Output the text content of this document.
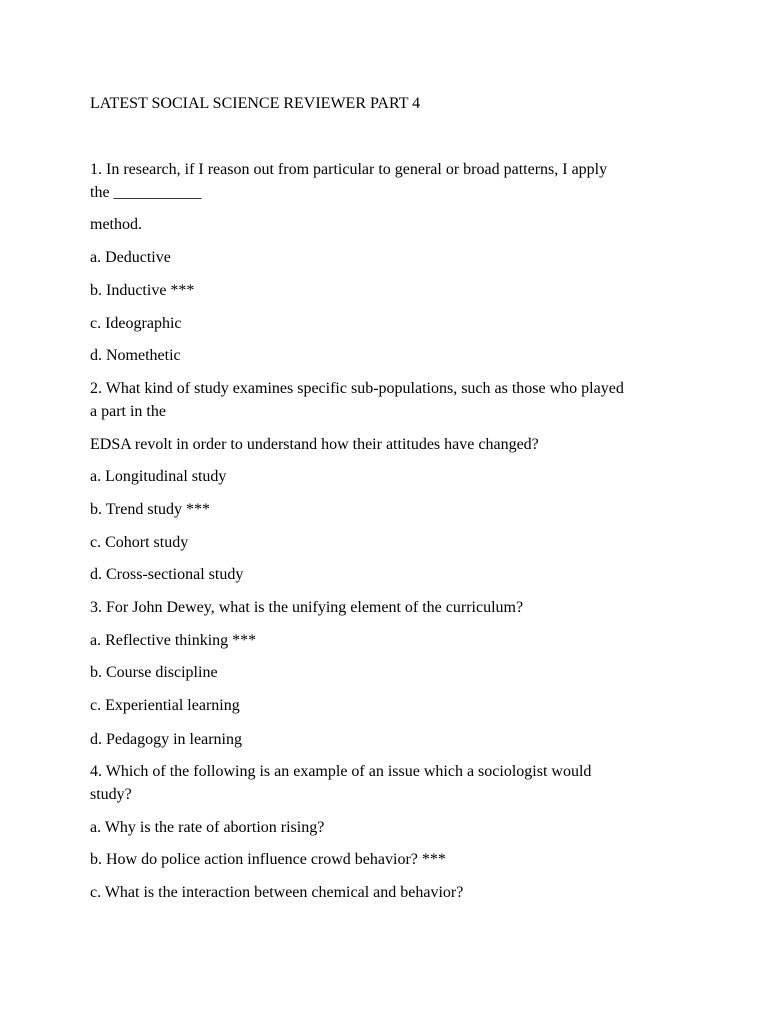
LATEST SOCIAL SCIENCE REVIEWER PART 4
1. In research, if I reason out from particular to general or broad patterns, I apply
the ___________
method.
a. Deductive
b. Inductive ***
c. Ideographic
d. Nomethetic
2. What kind of study examines specific sub-populations, such as those who played
a part in the
EDSA revolt in order to understand how their attitudes have changed?
a. Longitudinal study
b. Trend study ***
c. Cohort study
d. Cross-sectional study
3. For John Dewey, what is the unifying element of the curriculum?
a. Reflective thinking ***
b. Course discipline
c. Experiential learning
d. Pedagogy in learning
4. Which of the following is an example of an issue which a sociologist would
study?
a. Why is the rate of abortion rising?
b. How do police action influence crowd behavior? ***
c. What is the interaction between chemical and behavior?
